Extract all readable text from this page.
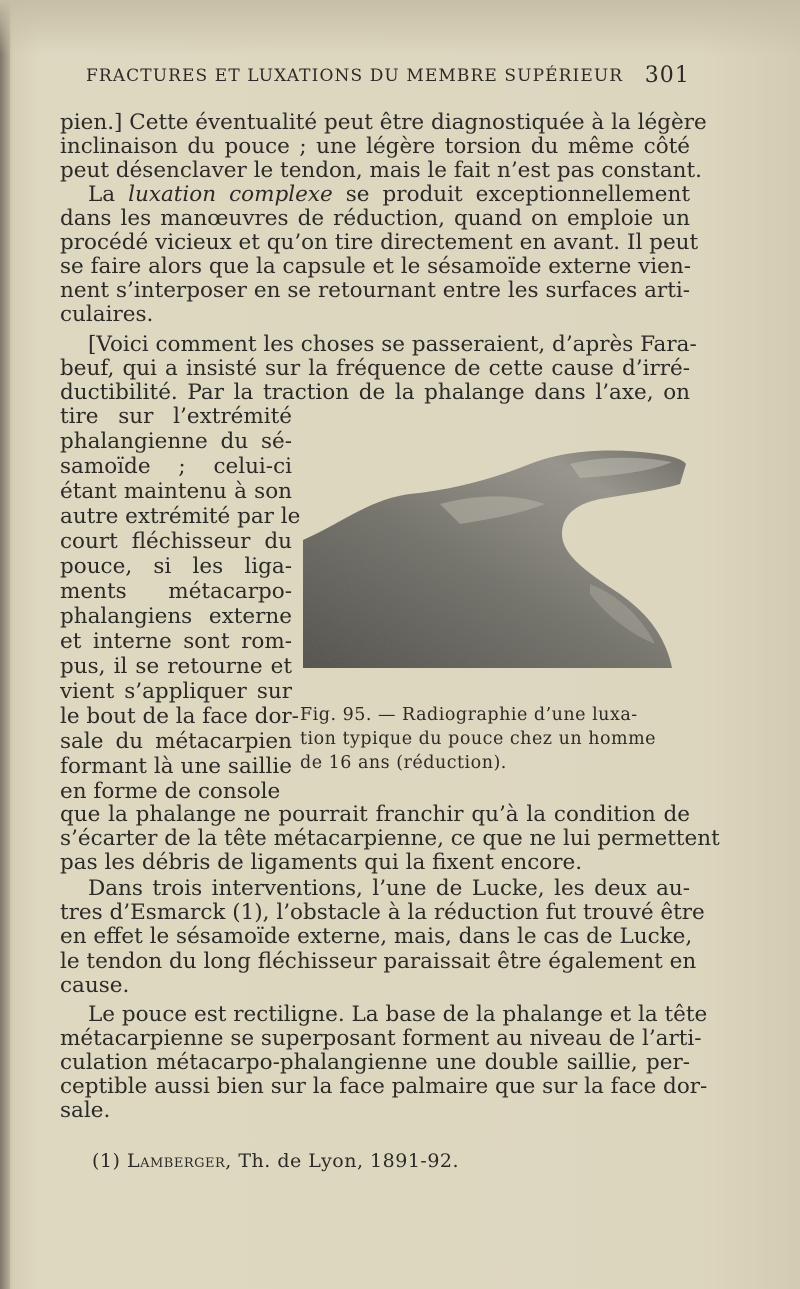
FRACTURES ET LUXATIONS DU MEMBRE SUPÉRIEUR 301
pien.] Cette éventualité peut être diagnostiquée à la légère
inclinaison du pouce ; une légère torsion du même côté
peut désenclaver le tendon, mais le fait n’est pas constant.
La luxation complexe se produit exceptionnellement
dans les manœuvres de réduction, quand on emploie un
procédé vicieux et qu’on tire directement en avant. Il peut
se faire alors que la capsule et le sésamoïde externe vien-
nent s’interposer en se retournant entre les surfaces arti-
culaires.
[Voici comment les choses se passeraient, d’après Fara-
beuf, qui a insisté sur la fréquence de cette cause d’irré-
ductibilité. Par la traction de la phalange dans l’axe, on
tire sur l’extrémité
phalangienne du sé-
samoïde ; celui-ci
étant maintenu à son
autre extrémité par le
court fléchisseur du
pouce, si les liga-
ments métacarpo-
phalangiens externe
et interne sont rom-
pus, il se retourne et
vient s’appliquer sur
le bout de la face dor-
sale du métacarpien
formant là une saillie
en forme de console
que la phalange ne pourrait franchir qu’à la condition de
s’écarter de la tête métacarpienne, ce que ne lui permettent
pas les débris de ligaments qui la fixent encore.
Dans trois interventions, l’une de Lucke, les deux au-
tres d’Esmarck (1), l’obstacle à la réduction fut trouvé être
en effet le sésamoïde externe, mais, dans le cas de Lucke,
le tendon du long fléchisseur paraissait être également en
cause.
Le pouce est rectiligne. La base de la phalange et la tête
métacarpienne se superposant forment au niveau de l’arti-
culation métacarpo-phalangienne une double saillie, per-
ceptible aussi bien sur la face palmaire que sur la face dor-
sale.
Fig. 95. — Radiographie d’une luxa-
tion typique du pouce chez un homme
de 16 ans (réduction).
(1) Lamberger, Th. de Lyon, 1891-92.
